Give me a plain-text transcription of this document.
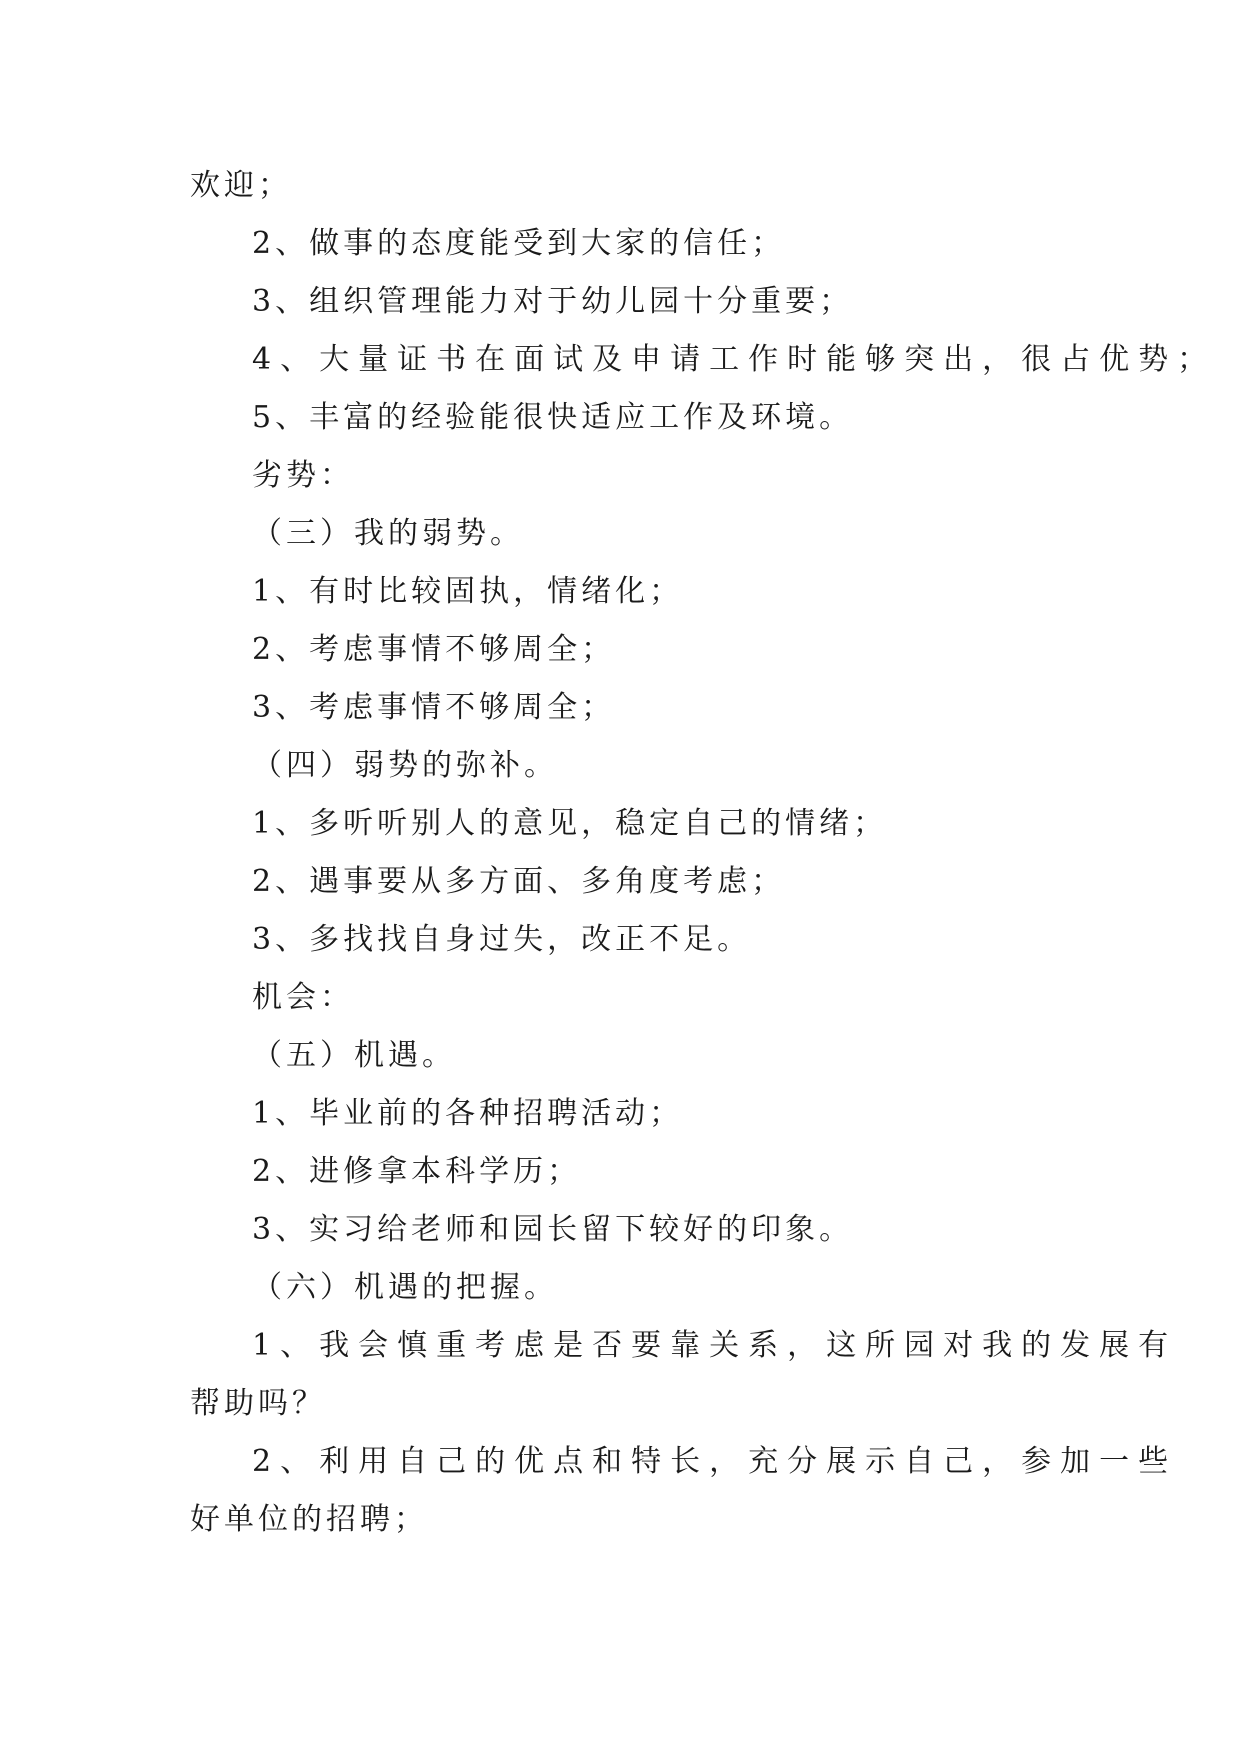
欢迎；
2、做事的态度能受到大家的信任；
3、组织管理能力对于幼儿园十分重要；
4、大量证书在面试及申请工作时能够突出，很占优势；
5、丰富的经验能很快适应工作及环境。
劣势：
（三）我的弱势。
1、有时比较固执，情绪化；
2、考虑事情不够周全；
3、考虑事情不够周全；
（四）弱势的弥补。
1、多听听别人的意见，稳定自己的情绪；
2、遇事要从多方面、多角度考虑；
3、多找找自身过失，改正不足。
机会：
（五）机遇。
1、毕业前的各种招聘活动；
2、进修拿本科学历；
3、实习给老师和园长留下较好的印象。
（六）机遇的把握。
1、我会慎重考虑是否要靠关系，这所园对我的发展有
帮助吗？
2、利用自己的优点和特长，充分展示自己，参加一些
好单位的招聘；
